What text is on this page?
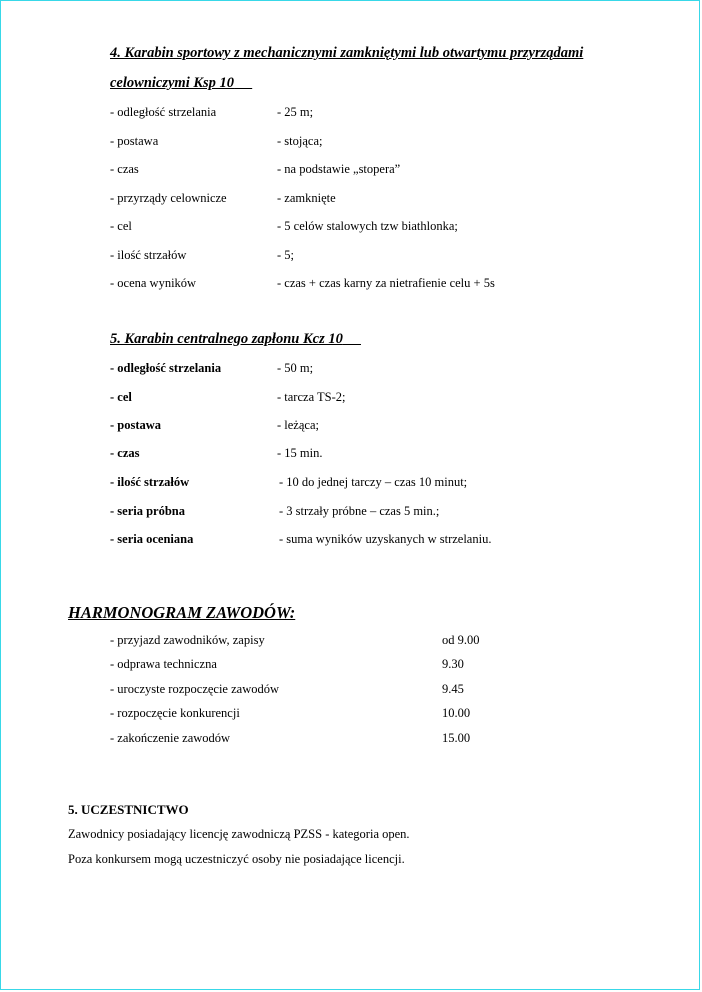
4. Karabin sportowy z mechanicznymi zamkniętymi lub otwartymu przyrządami
celowniczymi Ksp 10
- odległość strzelania	- 25 m;
- postawa	- stojąca;
- czas	- na podstawie „stopera”
- przyrządy celownicze	- zamknięte
- cel	- 5 celów stalowych tzw biathlonka;
- ilość strzałów	- 5;
- ocena wyników	- czas + czas karny za nietrafienie celu + 5s
5. Karabin centralnego zapłonu Kcz 10
- odległość strzelania	- 50 m;
- cel	- tarcza TS-2;
- postawa	- leżąca;
- czas	- 15 min.
- ilość strzałów	- 10 do jednej tarczy – czas 10 minut;
- seria próbna	- 3 strzały próbne – czas 5 min.;
- seria oceniana	- suma wyników uzyskanych w strzelaniu.
HARMONOGRAM ZAWODÓW:
- przyjazd zawodników, zapisy	od 9.00
- odprawa techniczna	9.30
- uroczyste rozpoczęcie zawodów	9.45
- rozpoczęcie konkurencji	10.00
- zakończenie zawodów	15.00
5. UCZESTNICTWO
Zawodnicy posiadający licencję zawodniczą PZSS - kategoria open.
Poza konkursem mogą uczestniczyć osoby nie posiadające licencji.
